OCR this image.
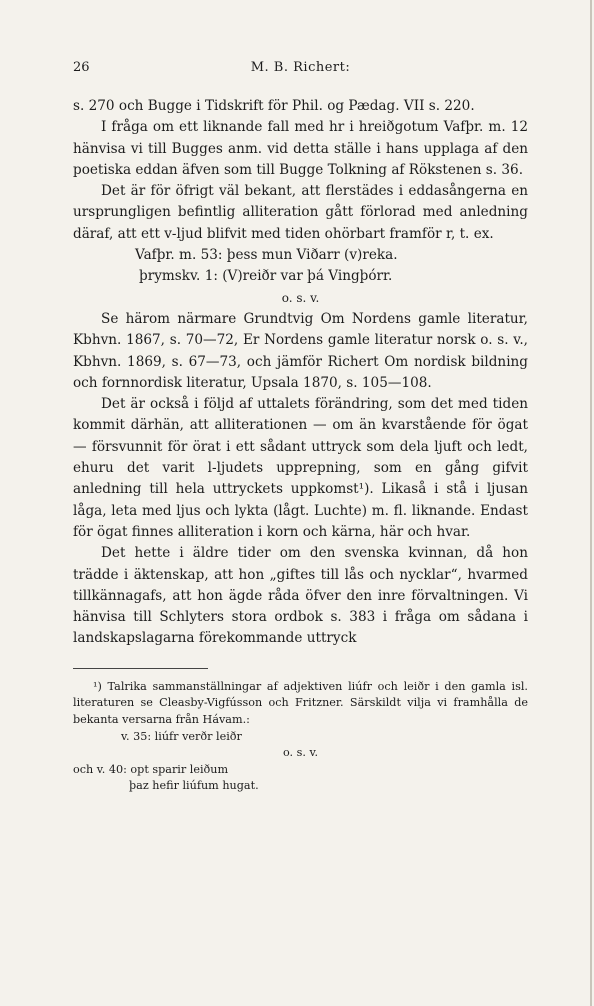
26	M. B. Richert:

s. 270 och Bugge i Tidskrift för Phil. og Pædag. VII s. 220.

I fråga om ett liknande fall med hr i hreiðgotum Vafþr. m. 12 hänvisa vi till Bugges anm. vid detta ställe i hans upplaga af den poetiska eddan äfven som till Bugge Tolkning af Rökstenen s. 36.

Det är för öfrigt väl bekant, att flerstädes i eddasångerna en ursprungligen befintlig alliteration gått förlorad med anledning däraf, att ett v-ljud blifvit med tiden ohörbart framför r, t. ex.

Vafþr. m. 53: þess mun Viðarr (v)reka.

þrymskv. 1: (V)reiðr var þá Vingþórr.

o. s. v.

Se härom närmare Grundtvig Om Nordens gamle literatur, Kbhvn. 1867, s. 70—72, Er Nordens gamle literatur norsk o. s. v., Kbhvn. 1869, s. 67—73, och jämför Richert Om nordisk bildning och fornnordisk literatur, Upsala 1870, s. 105—108.

Det är också i följd af uttalets förändring, som det med tiden kommit därhän, att alliterationen — om än kvarstående för ögat — försvunnit för örat i ett sådant uttryck som dela ljuft och ledt, ehuru det varit l-ljudets upprepning, som en gång gifvit anledning till hela uttryckets uppkomst¹). Likaså i stå i ljusan låga, leta med ljus och lykta (lågt. Luchte) m. fl. liknande. Endast för ögat finnes alliteration i korn och kärna, här och hvar.

Det hette i äldre tider om den svenska kvinnan, då hon trädde i äktenskap, att hon „giftes till lås och nycklar“, hvarmed tillkännagafs, att hon ägde råda öfver den inre förvaltningen. Vi hänvisa till Schlyters stora ordbok s. 383 i fråga om sådana i landskapslagarna förekommande uttryck

¹) Talrika sammanställningar af adjektiven liúfr och leiðr i den gamla isl. literaturen se Cleasby-Vigfússon och Fritzner. Särskildt vilja vi framhålla de bekanta versarna från Hávam.:

v. 35: liúfr verðr leiðr

o. s. v.

och v. 40: opt sparir leiðum

þaz hefir liúfum hugat.
